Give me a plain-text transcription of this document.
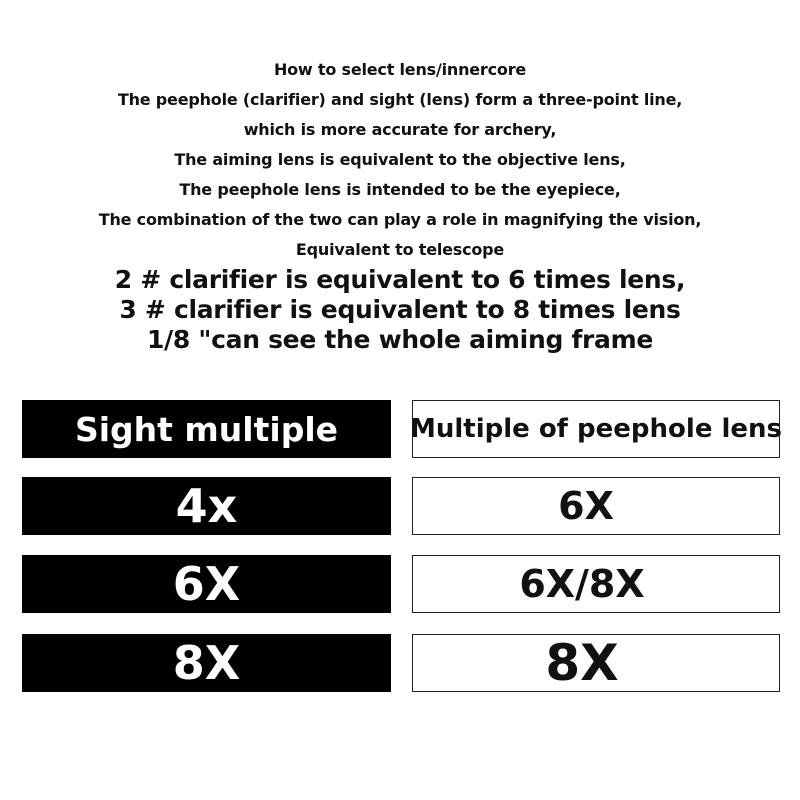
How to select lens/innercore
The peephole (clarifier) and sight (lens) form a three-point line,
which is more accurate for archery,
The aiming lens is equivalent to the objective lens,
The peephole lens is intended to be the eyepiece,
The combination of the two can play a role in magnifying the vision,
Equivalent to telescope
2 # clarifier is equivalent to 6 times lens,
3 # clarifier is equivalent to 8 times lens
1/8 "can see the whole aiming frame
Sight multiple	Multiple of peephole lens
4x	6X
6X	6X/8X
8X	8X
